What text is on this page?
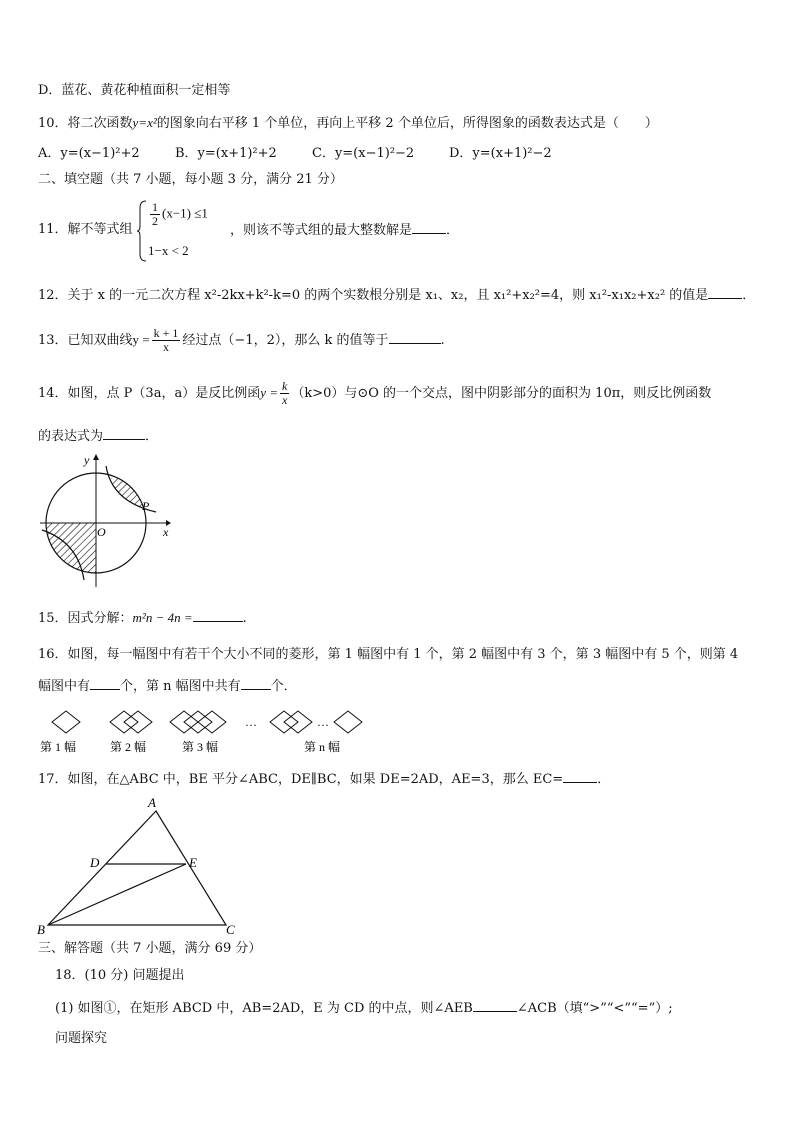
D．蓝花、黄花种植面积一定相等
10．将二次函数y=x²的图象向右平移 1 个单位，再向上平移 2 个单位后，所得图象的函数表达式是（　　）
A．y=(x−1)²+2	B．y=(x+1)²+2	C．y=(x−1)²−2	D．y=(x+1)²−2
二、填空题（共 7 小题，每小题 3 分，满分 21 分）
11．解不等式组
$\frac{1}{2} (x-1) \le 1$
1−x < 2
，则该不等式组的最大整数解是	．
12．关于 x 的一元二次方程 x²-2kx+k²-k=0 的两个实数根分别是 x₁、x₂，且 x₁²+x₂²=4，则 x₁²-x₁x₂+x₂² 的值是	．
13．已知双曲线$y = \frac{k + 1}{x}$ 经过点（−1，2），那么 k 的值等于	.
14．如图，点 P（3a，a）是反比例函$y = \frac{k}{x} (k>0)$与⊙O 的一个交点，图中阴影部分的面积为 10π，则反比例函数
的表达式为	．
y
x
O
P
15．因式分解：m²n − 4n =	.
16．如图，每一幅图中有若干个大小不同的菱形，第 1 幅图中有 1 个，第 2 幅图中有 3 个，第 3 幅图中有 5 个，则第 4
幅图中有 个，第 n 幅图中共有 个．
…	…
第 1 幅	第 2 幅	第 3 幅	第 n 幅
17．如图，在△ABC 中，BE 平分∠ABC，DE∥BC，如果 DE=2AD，AE=3，那么 EC=	．
A
B	C
D	E
三、解答题（共 7 小题，满分 69 分）
18．(10 分) 问题提出
(1) 如图①，在矩形 ABCD 中，AB=2AD，E 为 CD 的中点，则∠AEB	∠ACB（填“>”“<”“=”）;
问题探究
